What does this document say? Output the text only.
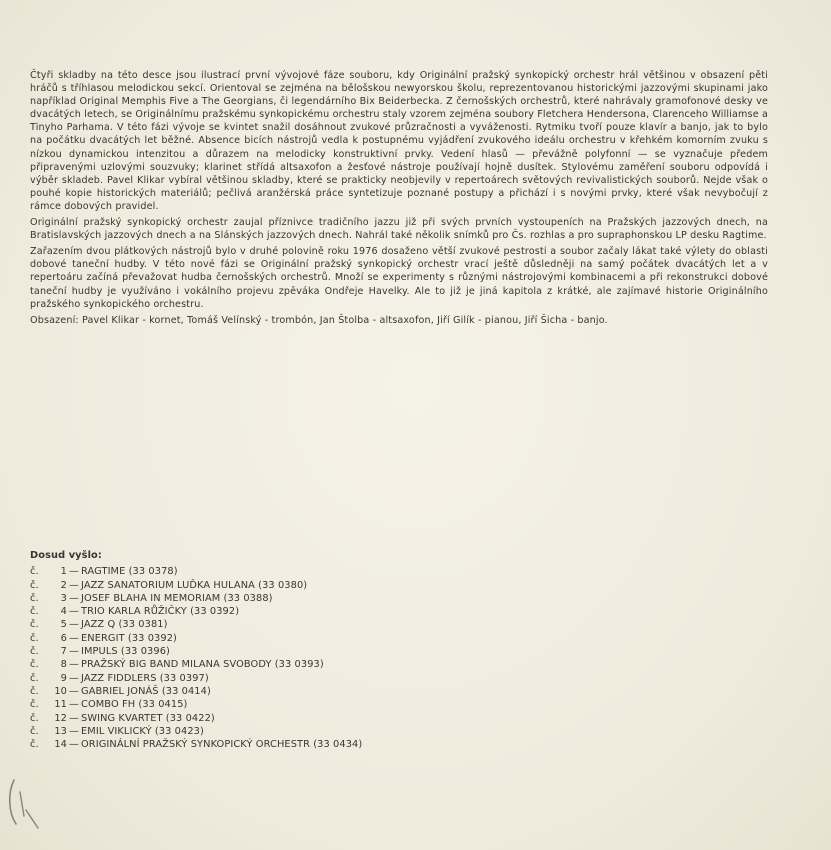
Čtyři skladby na této desce jsou ilustrací první vývojové fáze souboru, kdy Originální pražský synkopický orchestr hrál většinou v obsazení pěti hráčů s tříhlasou melodickou sekcí. Orientoval se zejména na bělošskou newyorskou školu, reprezentovanou historickými jazzovými skupinami jako například Original Memphis Five a The Georgians, či legendárního Bix Beiderbecka. Z černošských orchestrů, které nahrávaly gramofonové desky ve dvacátých letech, se Originálnímu pražskému synkopickému orchestru staly vzorem zejména soubory Fletchera Hendersona, Clarenceho Williamse a Tinyho Parhama. V této fázi vývoje se kvintet snažil dosáhnout zvukové průzračnosti a vyváženosti. Rytmiku tvoří pouze klavír a banjo, jak to bylo na počátku dvacátých let běžné. Absence bicích nástrojů vedla k postupnému vyjádření zvukového ideálu orchestru v křehkém komorním zvuku s nízkou dynamickou intenzitou a důrazem na melodicky konstruktivní prvky. Vedení hlasů — převážně polyfonní — se vyznačuje předem připravenými uzlovými souzvuky; klarinet střídá altsaxofon a žesťové nástroje používají hojně dusítek. Stylovému zaměření souboru odpovídá i výběr skladeb. Pavel Klikar vybíral většinou skladby, které se prakticky neobjevily v repertoárech světových revivalistických souborů. Nejde však o pouhé kopie historických materiálů; pečlivá aranžérská práce syntetizuje poznané postupy a přichází i s novými prvky, které však nevybočují z rámce dobových pravidel.

Originální pražský synkopický orchestr zaujal příznivce tradičního jazzu již při svých prvních vystoupeních na Pražských jazzových dnech, na Bratislavských jazzových dnech a na Slánských jazzových dnech. Nahrál také několik snímků pro Čs. rozhlas a pro supraphonskou LP desku Ragtime.

Zařazením dvou plátkových nástrojů bylo v druhé polovině roku 1976 dosaženo větší zvukové pestrosti a soubor začaly lákat také výlety do oblasti dobové taneční hudby. V této nové fázi se Originální pražský synkopický orchestr vrací ještě důsledněji na samý počátek dvacátých let a v repertoáru začíná převažovat hudba černošských orchestrů. Množí se experimenty s různými nástrojovými kombinacemi a při rekonstrukci dobové taneční hudby je využíváno i vokálního projevu zpěváka Ondřeje Havelky. Ale to již je jiná kapitola z krátké, ale zajímavé historie Originálního pražského synkopického orchestru.

Obsazení: Pavel Klikar - kornet, Tomáš Velínský - trombón, Jan Štolba - altsaxofon, Jiří Gilík - pianou, Jiří Šicha - banjo.

Dosud vyšlo:
č. 1 — RAGTIME (33 0378)
č. 2 — JAZZ SANATORIUM LUĎKA HULANA (33 0380)
č. 3 — JOSEF BLAHA IN MEMORIAM (33 0388)
č. 4 — TRIO KARLA RŮŽIČKY (33 0392)
č. 5 — JAZZ Q (33 0381)
č. 6 — ENERGIT (33 0392)
č. 7 — IMPULS (33 0396)
č. 8 — PRAŽSKÝ BIG BAND MILANA SVOBODY (33 0393)
č. 9 — JAZZ FIDDLERS (33 0397)
č. 10 — GABRIEL JONÁŠ (33 0414)
č. 11 — COMBO FH (33 0415)
č. 12 — SWING KVARTET (33 0422)
č. 13 — EMIL VIKLICKÝ (33 0423)
č. 14 — ORIGINÁLNÍ PRAŽSKÝ SYNKOPICKÝ ORCHESTR (33 0434)
